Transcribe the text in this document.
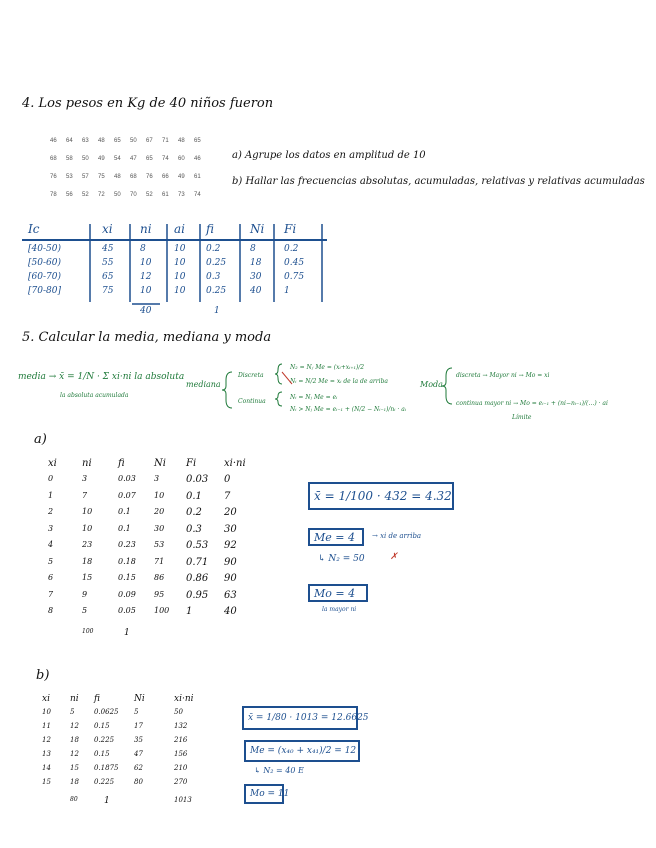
4. Los pesos en Kg de 40 niños fueron
46	64	63	48	65	50	67	71	48	65
68	58	50	49	54	47	65	74	60	46
76	53	57	75	48	68	76	66	49	61
78	56	52	72	50	70	52	61	73	74
a) Agrupe los datos en amplitud de 10
b) Hallar las frecuencias absolutas, acumuladas, relativas y relativas acumuladas
Ic	xi ni ai fi	Ni Fi
[40-50)	45	8	10 0.2	8	0.2
[50-60)	55	10	10 0.25	18	0.45
[60-70)	65	12	10 0.3	30	0.75
[70-80]	75	10	10 0.25	40	1
40	1
5. Calcular la media, mediana y moda
media → x̄ = 1/N · Σ xi·ni la absoluta
la absoluta acumulada
mediana
Discreta
Continua
N₂ = Nⱼ Me = (xᵢ+xᵢ₊₁)/2
Nᵢ = N/2 Me = xᵢ de la de arriba
Nᵢ = Nⱼ Me = eᵢ
Nᵢ > Nⱼ Me = eᵢ₋₁ + (N/2 − Nᵢ₋₁)/nᵢ · aᵢ
Moda
discreta → Mayor ni → Mo = xi
continua mayor ni → Mo = eᵢ₋₁ + (ni−nᵢ₋₁)/(…) · ai
Límite
a)
xi	ni	fi	Ni Fi	xi·ni
0	3	0.03 3	0.03 0
1	7	0.07 10 0.1 7
2	10	0.1	20 0.2 20
3	10	0.1	30 0.3 30
4	23	0.23 53 0.53 92
5	18	0.18 71 0.71 90
6	15	0.15 86 0.86 90
7	9	0.09 95 0.95 63
8	5	0.05 100 1	40
100	1
x̄ = 1/100 · 432 = 4.32
Me = 4	→ xi de arriba
↳ N₂ = 50	✗
Mo = 4
la mayor ni
b)
xi ni fi	Ni	xi·ni
10	5	0.0625 5	50
11	12 0.15	17	132
12	18 0.225	35	216
13	12 0.15	47	156
14	15 0.1875 62	210
15	18 0.225	80	270
80	1	1013
x̄ = 1/80 · 1013 = 12.6625
Me = (x₄₀ + x₄₁)/2 = 12
↳ N₂ = 40 E
Mo = 11
